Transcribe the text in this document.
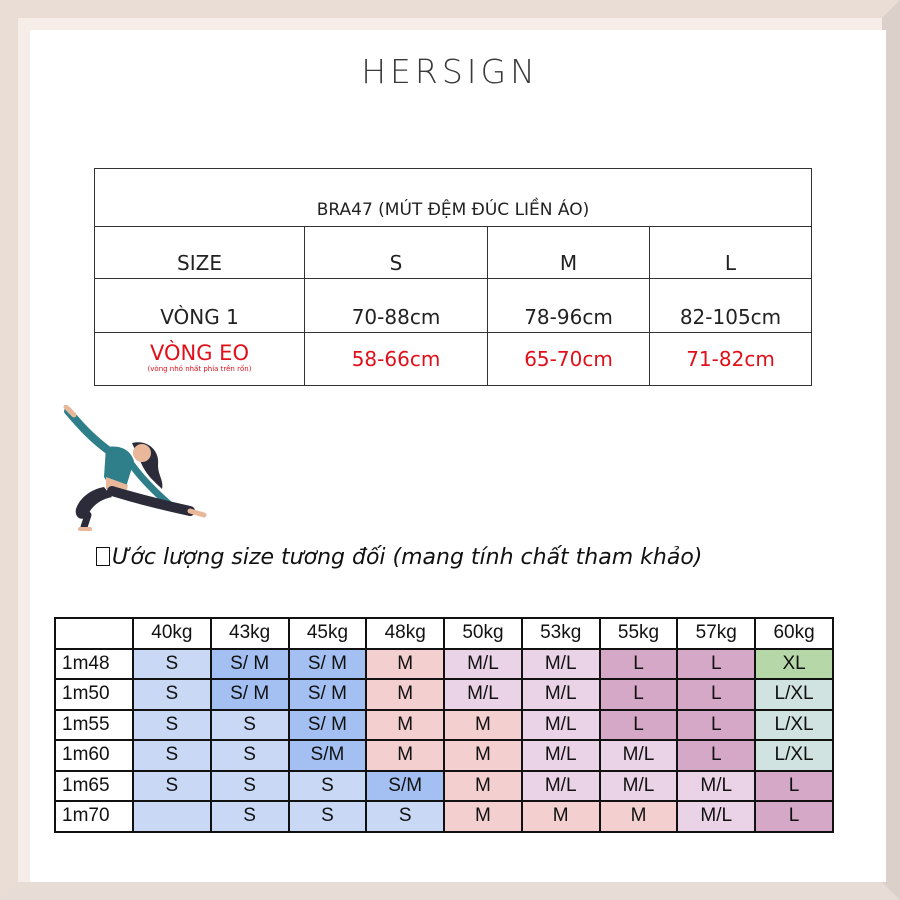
HERSIGN
BRA47 (MÚT ĐỆM ĐÚC LIỀN ÁO)			
SIZE	S	M	L
VÒNG 1	70-88cm	78-96cm	82-105cm

VÒNG EO
(vòng nhỏ nhất phía trên rốn)	58-66cm	65-70cm	71-82cm
Ước lượng size tương đối (mang tính chất tham khảo)
	40kg	43kg	45kg	48kg	50kg	53kg	55kg	57kg	60kg
1m48	S	S/ M	S/ M	M	M/L	M/L	L	L	XL
1m50	S	S/ M	S/ M	M	M/L	M/L	L	L	L/XL
1m55	S	S	S/ M	M	M	M/L	L	L	L/XL
1m60	S	S	S/M	M	M	M/L	M/L	L	L/XL
1m65	S	S	S	S/M	M	M/L	M/L	M/L	L
1m70		S	S	S	M	M	M	M/L	L
